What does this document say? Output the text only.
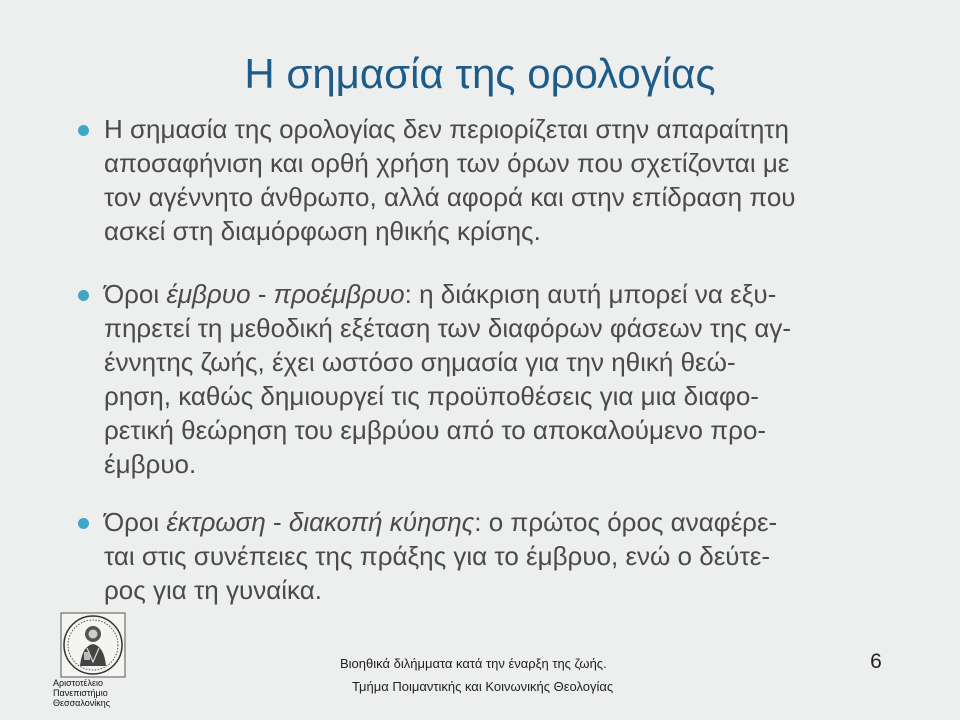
Η σημασία της ορολογίας
Η σημασία της ορολογίας δεν περιορίζεται στην απαραίτητη
αποσαφήνιση και ορθή χρήση των όρων που σχετίζονται με
τον αγέννητο άνθρωπο, αλλά αφορά και στην επίδραση που
ασκεί στη διαμόρφωση ηθικής κρίσης.
Όροι έμβρυο - προέμβρυο: η διάκριση αυτή μπορεί να εξυ-
πηρετεί τη μεθοδική εξέταση των διαφόρων φάσεων της αγ-
έννητης ζωής, έχει ωστόσο σημασία για την ηθική θεώ-
ρηση, καθώς δημιουργεί τις προϋποθέσεις για μια διαφο-
ρετική θεώρηση του εμβρύου από το αποκαλούμενο προ-
έμβρυο.
Όροι έκτρωση - διακοπή κύησης: ο πρώτος όρος αναφέρε-
ται στις συνέπειες της πράξης για το έμβρυο, ενώ ο δεύτε-
ρος για τη γυναίκα.
Αριστοτέλειο
Πανεπιστήμιο
Θεσσαλονίκης
Βιοηθικά διλήμματα κατά την έναρξη της ζωής.
Τμήμα Ποιμαντικής και Κοινωνικής Θεολογίας
6
